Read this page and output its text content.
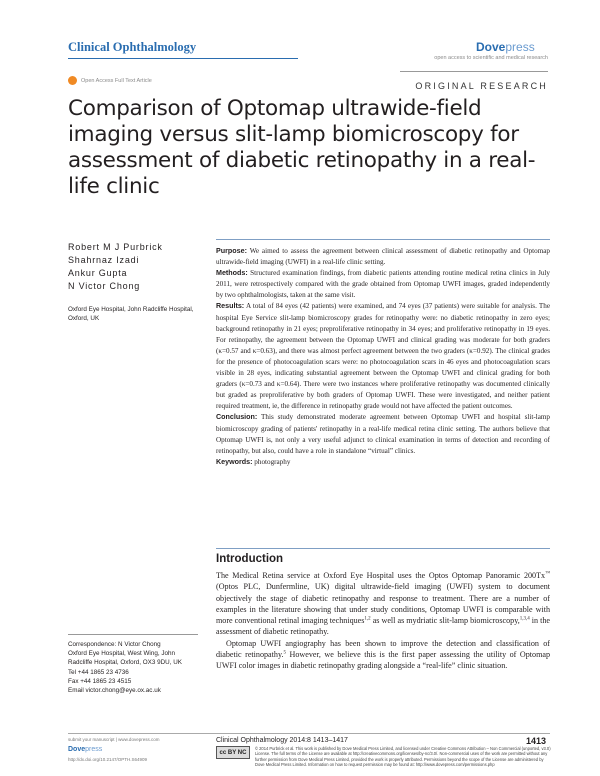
Clinical Ophthalmology	Dovepress
open access to scientific and medical research
Open Access Full Text Article
ORIGINAL RESEARCH
Comparison of Optomap ultrawide-field imaging versus slit-lamp biomicroscopy for assessment of diabetic retinopathy in a real-life clinic
Robert M J Purbrick
Shahrnaz Izadi
Ankur Gupta
N Victor Chong
Oxford Eye Hospital, John Radcliffe Hospital, Oxford, UK

Purpose: We aimed to assess the agreement between clinical assessment of diabetic retinopathy and Optomap ultrawide-field imaging (UWFI) in a real-life clinic setting.

Methods: Structured examination findings, from diabetic patients attending routine medical retina clinics in July 2011, were retrospectively compared with the grade obtained from Optomap UWFI images, graded independently by two ophthalmologists, taken at the same visit.

Results: A total of 84 eyes (42 patients) were examined, and 74 eyes (37 patients) were suitable for analysis. The hospital Eye Service slit-lamp biomicroscopy grades for retinopathy were: no diabetic retinopathy in zero eyes; background retinopathy in 21 eyes; preproliferative retinopathy in 34 eyes; and proliferative retinopathy in 19 eyes. For retinopathy, the agreement between the Optomap UWFI and clinical grading was moderate for both graders (κ=0.57 and κ=0.63), and there was almost perfect agreement between the two graders (κ=0.92). The clinical grades for the presence of photocoagulation scars were: no photocoagulation scars in 46 eyes and photocoagulation scars visible in 28 eyes, indicating substantial agreement between the Optomap UWFI and clinical grading for both graders (κ=0.73 and κ=0.64). There were two instances where proliferative retinopathy was documented clinically but graded as preproliferative by both graders of Optomap UWFI. These were investigated, and neither patient required treatment, ie, the difference in retinopathy grade would not have affected the patient outcomes.

Conclusion: This study demonstrated moderate agreement between Optomap UWFI and hospital slit-lamp biomicroscopy grading of patients' retinopathy in a real-life medical retina clinic setting. The authors believe that Optomap UWFI is, not only a very useful adjunct to clinical examination in terms of detection and recording of retinopathy, but also, could have a role in standalone “virtual” clinics.

Keywords: photography

Introduction

The Medical Retina service at Oxford Eye Hospital uses the Optos Optomap Panoramic 200Tx™ (Optos PLC, Dunfermline, UK) digital ultrawide-field imaging (UWFI) system to document objectively the stage of diabetic retinopathy and response to treatment. There are a number of examples in the literature showing that under study conditions, Optomap UWFI is comparable with more conventional retinal imaging techniques$^{1,2}$ as well as mydriatic slit-lamp biomicroscopy,$^{1,3,4}$ in the assessment of diabetic retinopathy.

Optomap UWFI angiography has been shown to improve the detection and classification of diabetic retinopathy.$^5$ However, we believe this is the first paper assessing the utility of Optomap UWFI color images in diabetic retinopathy grading alongside a “real-life” clinic situation.

Correspondence: N Victor Chong
Oxford Eye Hospital, West Wing, John
Radcliffe Hospital, Oxford, OX3 9DU, UK
Tel +44 1865 23 4736
Fax +44 1865 23 4515
Email victor.chong@eye.ox.ac.uk
submit your manuscript | www.dovepress.com
Dovepress
http://dx.doi.org/10.2147/OPTH.S64909
Clinical Ophthalmology 2014:8 1413–1417	1413
cc BY NC
© 2014 Purbrick et al. This work is published by Dove Medical Press Limited, and licensed under Creative Commons Attribution – Non Commercial (unported, v3.0) License. The full terms of the License are available at http://creativecommons.org/licenses/by-nc/3.0/. Non-commercial uses of the work are permitted without any further permission from Dove Medical Press Limited, provided the work is properly attributed. Permissions beyond the scope of the License are administered by Dove Medical Press Limited. Information on how to request permission may be found at: http://www.dovepress.com/permissions.php
